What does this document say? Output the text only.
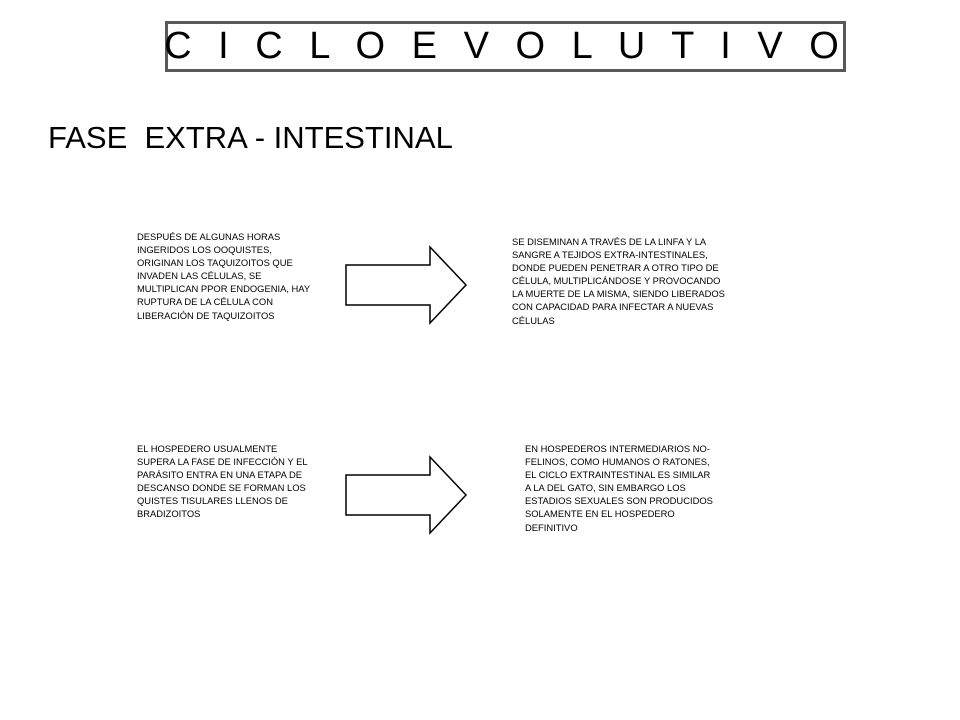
C I C L O E V O L U T I V O
FASE  EXTRA - INTESTINAL
DESPUÉS DE ALGUNAS HORAS INGERIDOS LOS OOQUISTES, ORIGINAN LOS TAQUIZOITOS QUE INVADEN LAS CÉLULAS, SE MULTIPLICAN PPOR ENDOGENIA, HAY RUPTURA DE LA CÉLULA CON LIBERACIÓN DE TAQUIZOITOS
SE DISEMINAN A TRAVÉS DE LA LINFA Y LA SANGRE A TEJIDOS EXTRA-INTESTINALES, DONDE PUEDEN PENETRAR A OTRO TIPO DE CÉLULA, MULTIPLICÁNDOSE Y PROVOCANDO LA MUERTE DE LA MISMA, SIENDO LIBERADOS CON CAPACIDAD PARA INFECTAR A NUEVAS CÉLULAS
EL HOSPEDERO USUALMENTE SUPERA LA FASE DE INFECCIÓN Y EL PARÁSITO ENTRA EN UNA ETAPA DE DESCANSO DONDE SE FORMAN LOS QUISTES TISULARES LLENOS DE BRADIZOITOS
EN HOSPEDEROS INTERMEDIARIOS NO-FELINOS, COMO HUMANOS O RATONES, EL CICLO EXTRAINTESTINAL ES SIMILAR A LA DEL GATO, SIN EMBARGO LOS ESTADIOS SEXUALES SON PRODUCIDOS SOLAMENTE EN EL HOSPEDERO DEFINITIVO
